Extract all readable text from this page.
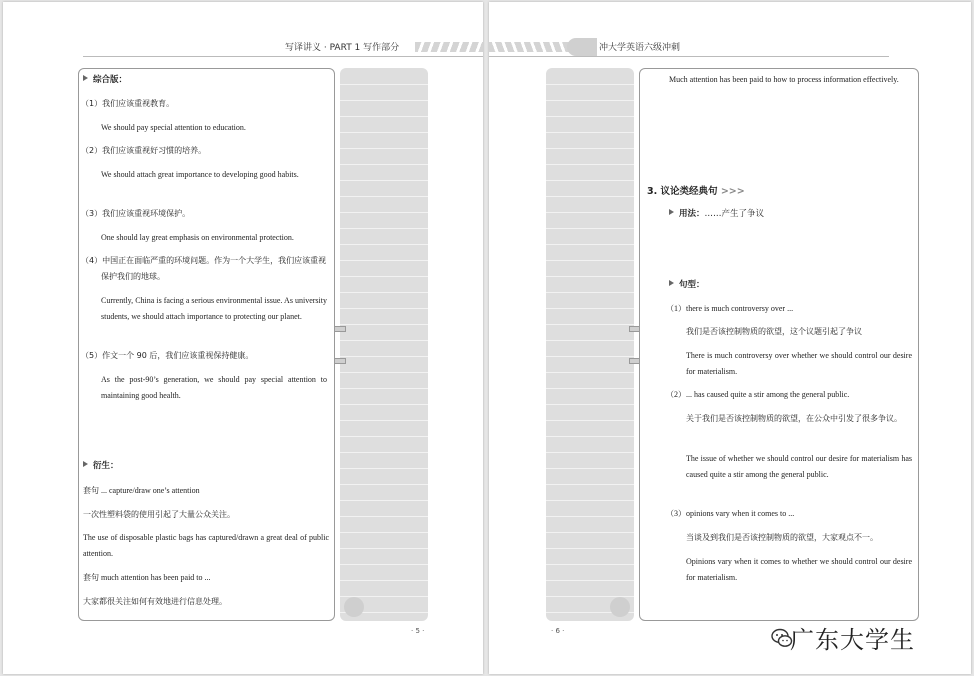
写译讲义 · PART 1 写作部分
综合版：
（1）我们应该重视教育。
We should pay special attention to education.
（2）我们应该重视好习惯的培养。
We should attach great importance to developing good habits.
（3）我们应该重视环境保护。
One should lay great emphasis on environmental protection.
（4）中国正在面临严重的环境问题。作为一个大学生，我们应该重视保护我们的地球。
Currently, China is facing a serious environmental issue. As university students, we should attach importance to protecting our planet.
（5）作文一个 90 后，我们应该重视保持健康。
As the post-90’s generation, we should pay special attention to maintaining good health.
衍生：
套句 ... capture/draw one’s attention
一次性塑料袋的使用引起了大量公众关注。
The use of disposable plastic bags has captured/drawn a great deal of public attention.
套句 much attention has been paid to ...
大家都很关注如何有效地进行信息处理。
· 5 ·
冲大学英语六级冲刺
Much attention has been paid to how to process information effectively.
3. 议论类经典句 >>>
用法：……产生了争议
句型：
（1）there is much controversy over ...
我们是否该控制物质的欲望，这个议题引起了争议
There is much controversy over whether we should control our desire for materialism.
（2）... has caused quite a stir among the general public.
关于我们是否该控制物质的欲望，在公众中引发了很多争议。
The issue of whether we should control our desire for materialism has caused quite a stir among the general public.
（3）opinions vary when it comes to ...
当谈及到我们是否该控制物质的欲望，大家观点不一。
Opinions vary when it comes to whether we should control our desire for materialism.
· 6 ·	广东大学生
